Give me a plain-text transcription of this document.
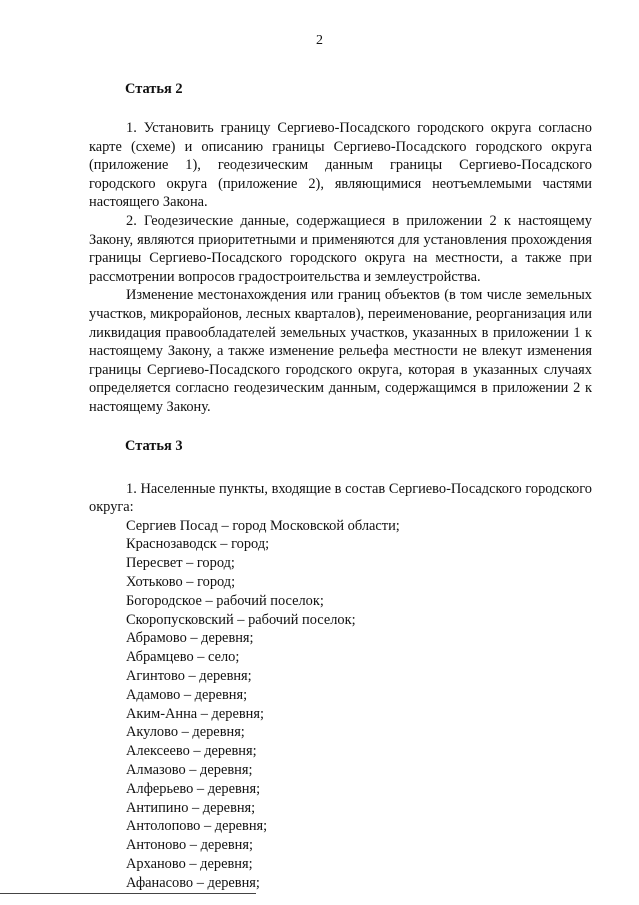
2

Статья 2

1. Установить границу Сергиево-Посадского городского округа согласно карте (схеме) и описанию границы Сергиево-Посадского городского округа (приложение 1), геодезическим данным границы Сергиево-Посадского городского округа (приложение 2), являющимися неотъемлемыми частями настоящего Закона.

2. Геодезические данные, содержащиеся в приложении 2 к настоящему Закону, являются приоритетными и применяются для установления прохождения границы Сергиево-Посадского городского округа на местности, а также при рассмотрении вопросов градостроительства и землеустройства.

Изменение местонахождения или границ объектов (в том числе земельных участков, микрорайонов, лесных кварталов), переименование, реорганизация или ликвидация правообладателей земельных участков, указанных в приложении 1 к настоящему Закону, а также изменение рельефа местности не влекут изменения границы Сергиево-Посадского городского округа, которая в указанных случаях определяется согласно геодезическим данным, содержащимся в приложении 2 к настоящему Закону.

Статья 3

1. Населенные пункты, входящие в состав Сергиево-Посадского городского округа:

Сергиев Посад – город Московской области;
Краснозаводск – город;
Пересвет – город;
Хотьково – город;
Богородское – рабочий поселок;
Скоропусковский – рабочий поселок;
Абрамово – деревня;
Абрамцево – село;
Агинтово – деревня;
Адамово – деревня;
Аким-Анна – деревня;
Акулово – деревня;
Алексеево – деревня;
Алмазово – деревня;
Алферьево – деревня;
Антипино – деревня;
Антолопово – деревня;
Антоново – деревня;
Арханово – деревня;
Афанасово – деревня;
